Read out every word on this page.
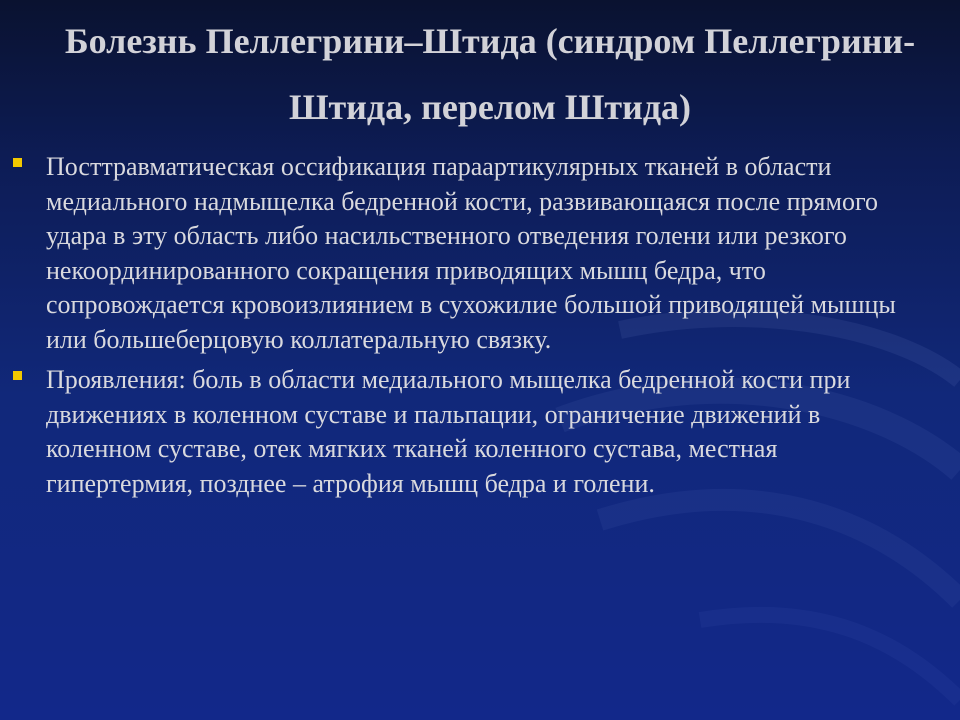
Болезнь Пеллегрини–Штида (синдром Пеллегрини-Штида, перелом Штида)
Посттравматическая оссификация параартикулярных тканей в области медиального надмыщелка бедренной кости, развивающаяся после прямого удара в эту область либо насильственного отведения голени или резкого некоординированного сокращения приводящих мышц бедра, что сопровождается кровоизлиянием в сухожилие большой приводящей мышцы или большеберцовую коллатеральную связку.
Проявления: боль в области медиального мыщелка бедренной кости при движениях в коленном суставе и пальпации, ограничение движений в коленном суставе, отек мягких тканей коленного сустава, местная гипертермия, позднее – атрофия мышц бедра и голени.
